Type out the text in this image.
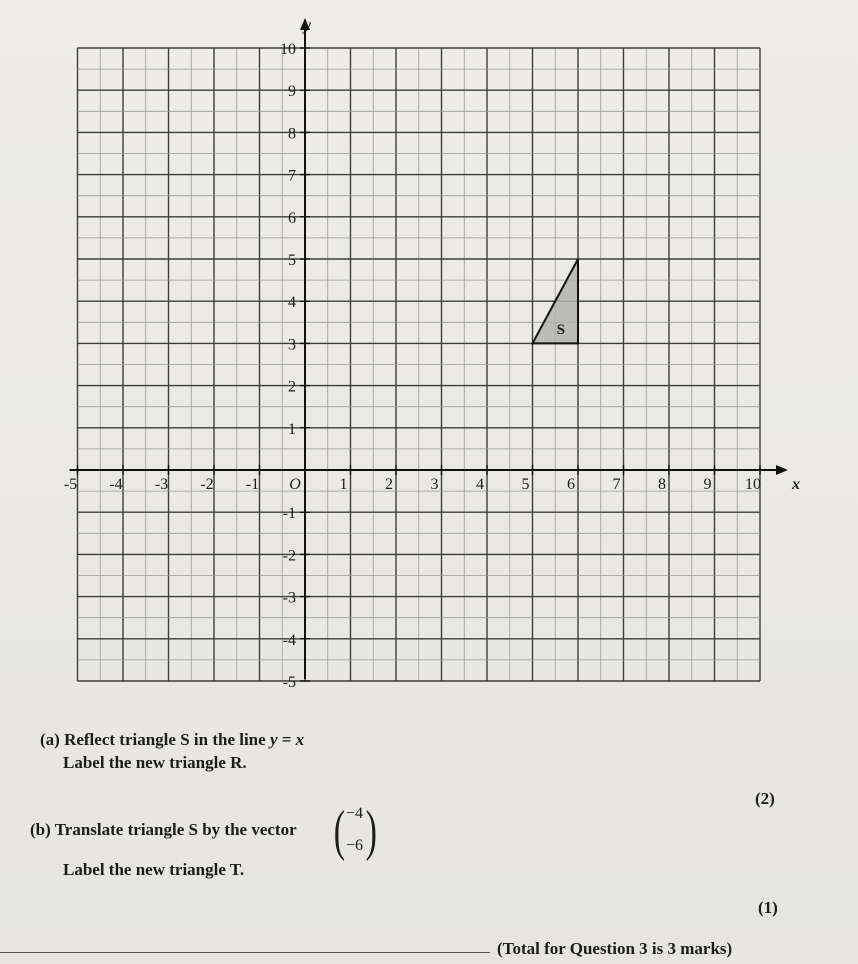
-5 -4 -3 -2 -1	1 2 3 4 5 6 7 8 9 10
10
9
8
7
6
5
4
3
2
1
-1
-2
-3
-4
-5
O	x
y
S
(a) Reflect triangle S in the line y = x
Label the new triangle R.
(2)
(b) Translate triangle S by the vector ( −4
−6 )
Label the new triangle T.
(1)
(Total for Question 3 is 3 marks)
